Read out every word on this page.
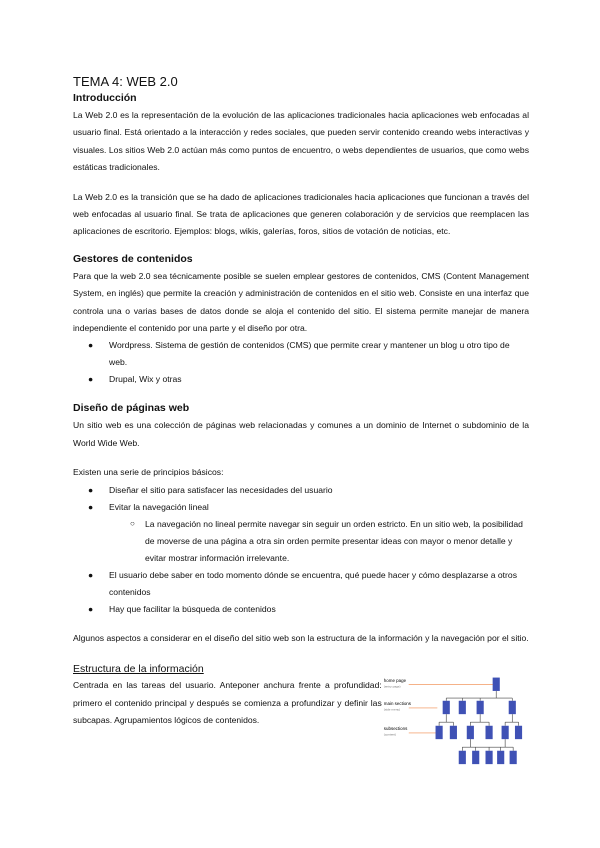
TEMA 4: WEB 2.0
Introducción

La Web 2.0 es la representación de la evolución de las aplicaciones tradicionales hacia aplicaciones web enfocadas al usuario final. Está orientado a la interacción y redes sociales, que pueden servir contenido creando webs interactivas y visuales. Los sitios Web 2.0 actúan más como puntos de encuentro, o webs dependientes de usuarios, que como webs estáticas tradicionales.

La Web 2.0 es la transición que se ha dado de aplicaciones tradicionales hacia aplicaciones que funcionan a través del web enfocadas al usuario final. Se trata de aplicaciones que generen colaboración y de servicios que reemplacen las aplicaciones de escritorio. Ejemplos: blogs, wikis, galerías, foros, sitios de votación de noticias, etc.

Gestores de contenidos

Para que la web 2.0 sea técnicamente posible se suelen emplear gestores de contenidos, CMS (Content Management System, en inglés) que permite la creación y administración de contenidos en el sitio web. Consiste en una interfaz que controla una o varias bases de datos donde se aloja el contenido del sitio. El sistema permite manejar de manera independiente el contenido por una parte y el diseño por otra.

● Wordpress. Sistema de gestión de contenidos (CMS) que permite crear y mantener un blog u otro tipo de web.
● Drupal, Wix y otras
Diseño de páginas web

Un sitio web es una colección de páginas web relacionadas y comunes a un dominio de Internet o subdominio de la World Wide Web.

Existen una serie de principios básicos:

● Diseñar el sitio para satisfacer las necesidades del usuario
● Evitar la navegación lineal
○ La navegación no lineal permite navegar sin seguir un orden estricto. En un sitio web, la posibilidad de moverse de una página a otra sin orden permite presentar ideas con mayor o menor detalle y evitar mostrar información irrelevante.
● El usuario debe saber en todo momento dónde se encuentra, qué puede hacer y cómo desplazarse a otros contenidos
● Hay que facilitar la búsqueda de contenidos

Algunos aspectos a considerar en el diseño del sitio web son la estructura de la información y la navegación por el sitio.

Estructura de la información

Centrada en las tareas del usuario. Anteponer anchura frente a profundidad: primero el contenido principal y después se comienza a profundizar y definir las subcapas. Agrupamientos lógicos de contenidos.

home page
(entry page)
main sections
(side menu)
subsections
(content)
